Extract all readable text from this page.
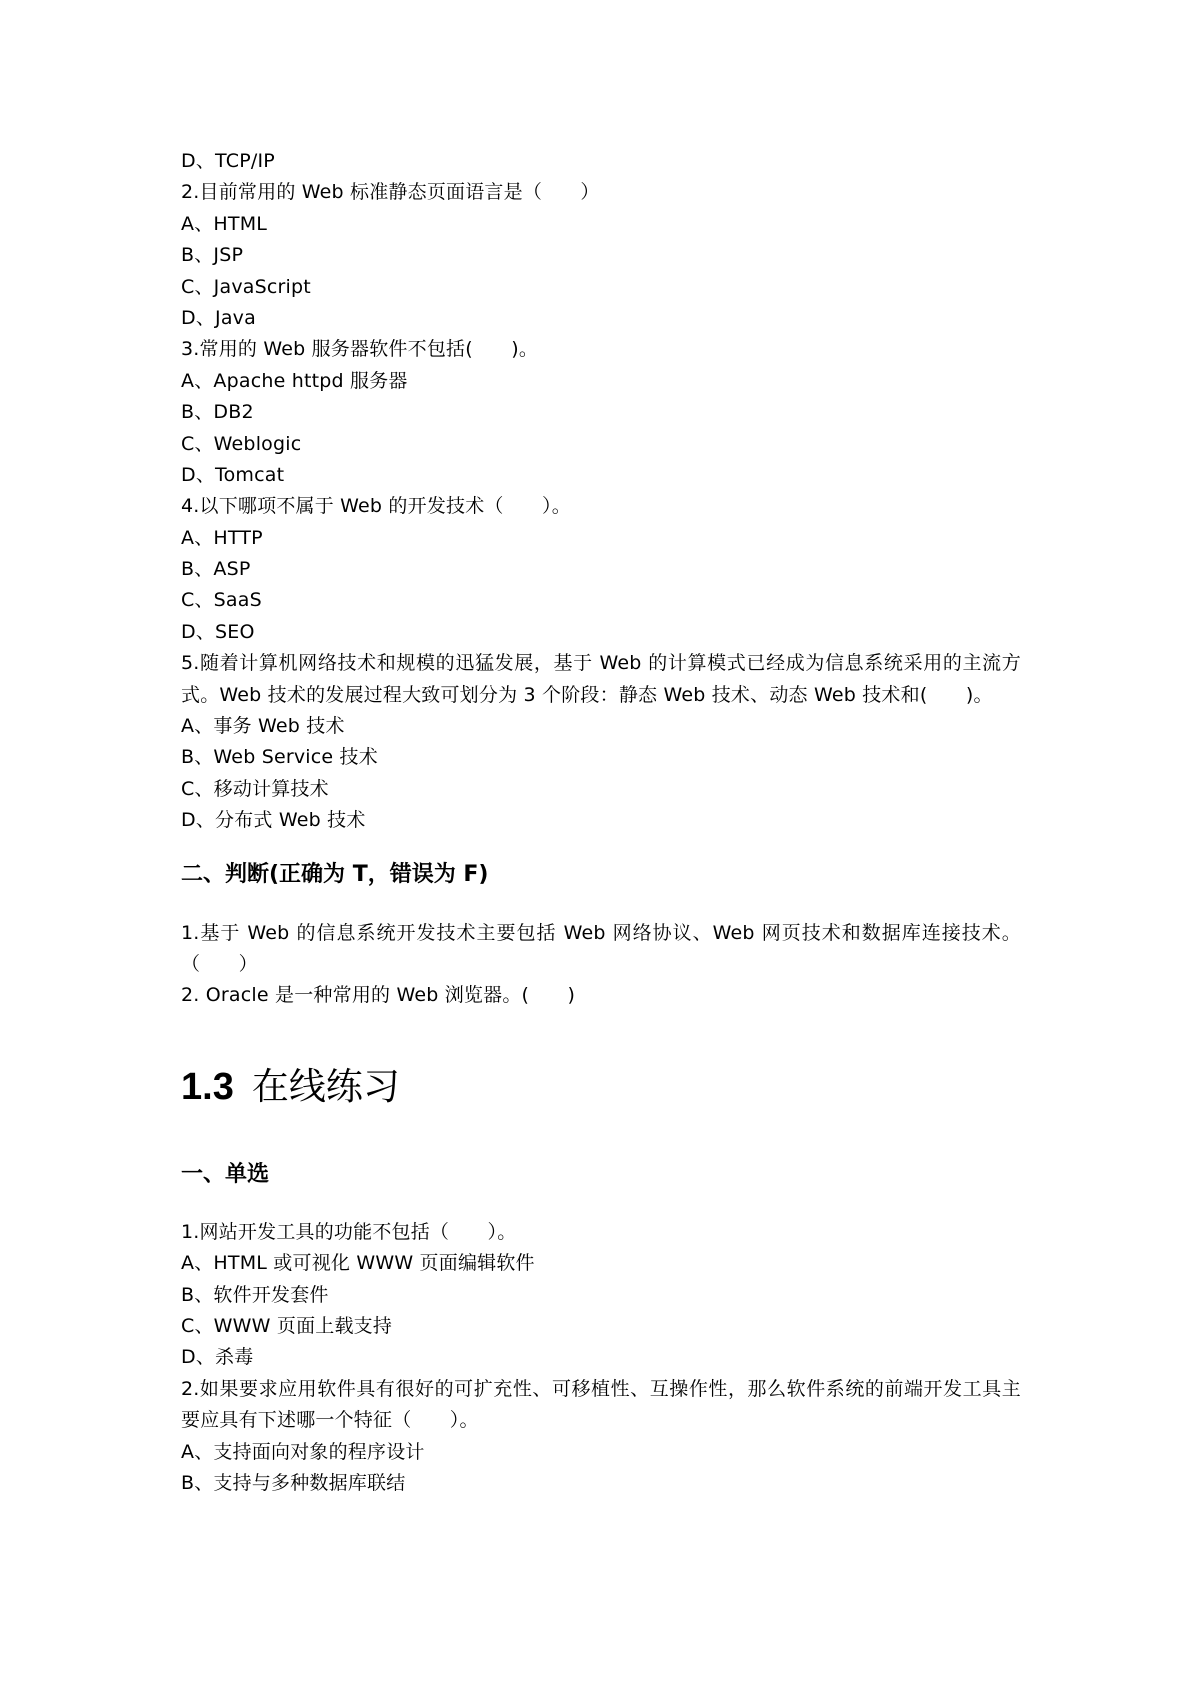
D、TCP/IP
2.目前常用的 Web 标准静态页面语言是（　　）
A、HTML
B、JSP
C、JavaScript
D、Java
3.常用的 Web 服务器软件不包括(　　)。
A、Apache httpd 服务器
B、DB2
C、Weblogic
D、Tomcat
4.以下哪项不属于 Web 的开发技术（　　）。
A、HTTP
B、ASP
C、SaaS
D、SEO
5.随着计算机网络技术和规模的迅猛发展，基于 Web 的计算模式已经成为信息系统采用的主流方式。Web 技术的发展过程大致可划分为 3 个阶段：静态 Web 技术、动态 Web 技术和(　　)。
A、事务 Web 技术
B、Web Service 技术
C、移动计算技术
D、分布式 Web 技术
二、判断(正确为 T，错误为 F)
1.基于 Web 的信息系统开发技术主要包括 Web 网络协议、Web 网页技术和数据库连接技术。（　　）
2. Oracle 是一种常用的 Web 浏览器。(　　)
1.3 在线练习
一、单选
1.网站开发工具的功能不包括（　　）。
A、HTML 或可视化 WWW 页面编辑软件
B、软件开发套件
C、WWW 页面上载支持
D、杀毒
2.如果要求应用软件具有很好的可扩充性、可移植性、互操作性，那么软件系统的前端开发工具主要应具有下述哪一个特征（　　）。
A、支持面向对象的程序设计
B、支持与多种数据库联结
